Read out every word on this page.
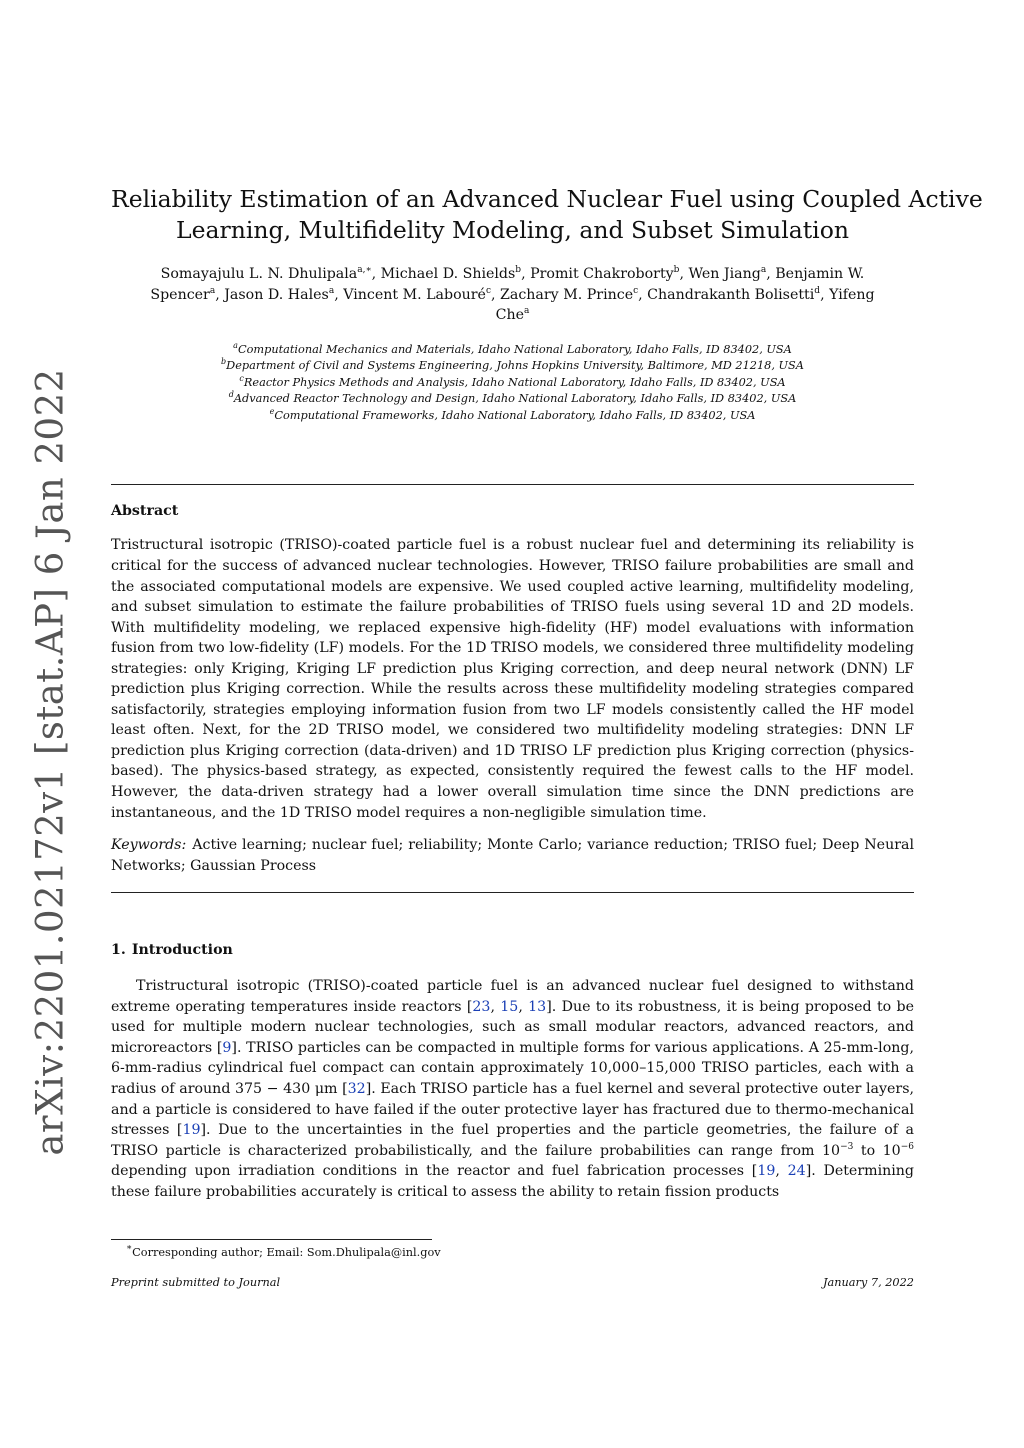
arXiv:2201.02172v1 [stat.AP] 6 Jan 2022
Reliability Estimation of an Advanced Nuclear Fuel using Coupled Active
Learning, Multifidelity Modeling, and Subset Simulation
Somayajulu L. N. Dhulipala$^{a,∗}$, Michael D. Shields$^b$, Promit Chakroborty$^b$, Wen Jiang$^a$, Benjamin W.
Spencer$^a$, Jason D. Hales$^a$, Vincent M. Labouré$^c$, Zachary M. Prince$^c$, Chandrakanth Bolisetti$^d$, Yifeng
Che$^a$
$^a$Computational Mechanics and Materials, Idaho National Laboratory, Idaho Falls, ID 83402, USA
$^b$Department of Civil and Systems Engineering, Johns Hopkins University, Baltimore, MD 21218, USA
$^c$Reactor Physics Methods and Analysis, Idaho National Laboratory, Idaho Falls, ID 83402, USA
$^d$Advanced Reactor Technology and Design, Idaho National Laboratory, Idaho Falls, ID 83402, USA
$^e$Computational Frameworks, Idaho National Laboratory, Idaho Falls, ID 83402, USA
Abstract
Tristructural isotropic (TRISO)-coated particle fuel is a robust nuclear fuel and determining its reliability is critical for the success of advanced nuclear technologies. However, TRISO failure probabilities are small and the associated computational models are expensive. We used coupled active learning, multifidelity modeling, and subset simulation to estimate the failure probabilities of TRISO fuels using several 1D and 2D models. With multifidelity modeling, we replaced expensive high-fidelity (HF) model evaluations with information fusion from two low-fidelity (LF) models. For the 1D TRISO models, we considered three multifidelity modeling strategies: only Kriging, Kriging LF prediction plus Kriging correction, and deep neural network (DNN) LF prediction plus Kriging correction. While the results across these multifidelity modeling strategies compared satisfactorily, strategies employing information fusion from two LF models consistently called the HF model least often. Next, for the 2D TRISO model, we considered two multifidelity modeling strategies: DNN LF prediction plus Kriging correction (data-driven) and 1D TRISO LF prediction plus Kriging correction (physics-based). The physics-based strategy, as expected, consistently required the fewest calls to the HF model. However, the data-driven strategy had a lower overall simulation time since the DNN predictions are instantaneous, and the 1D TRISO model requires a non-negligible simulation time.
Keywords: Active learning; nuclear fuel; reliability; Monte Carlo; variance reduction; TRISO fuel; Deep Neural Networks; Gaussian Process
1. Introduction

Tristructural isotropic (TRISO)-coated particle fuel is an advanced nuclear fuel designed to withstand extreme operating temperatures inside reactors [23, 15, 13]. Due to its robustness, it is being proposed to be used for multiple modern nuclear technologies, such as small modular reactors, advanced reactors, and microreactors [9]. TRISO particles can be compacted in multiple forms for various applications. A 25-mm-long, 6-mm-radius cylindrical fuel compact can contain approximately 10,000–15,000 TRISO particles, each with a radius of around 375 − 430 μm [32]. Each TRISO particle has a fuel kernel and several protective outer layers, and a particle is considered to have failed if the outer protective layer has fractured due to thermo-mechanical stresses [19]. Due to the uncertainties in the fuel properties and the particle geometries, the failure of a TRISO particle is characterized probabilistically, and the failure probabilities can range from $10^{-3}$ to $10^{-6}$ depending upon irradiation conditions in the reactor and fuel fabrication processes [19, 24]. Determining these failure probabilities accurately is critical to assess the ability to retain fission products

∗Corresponding author; Email: Som.Dhulipala@inl.gov
Preprint submitted to Journal	January 7, 2022
